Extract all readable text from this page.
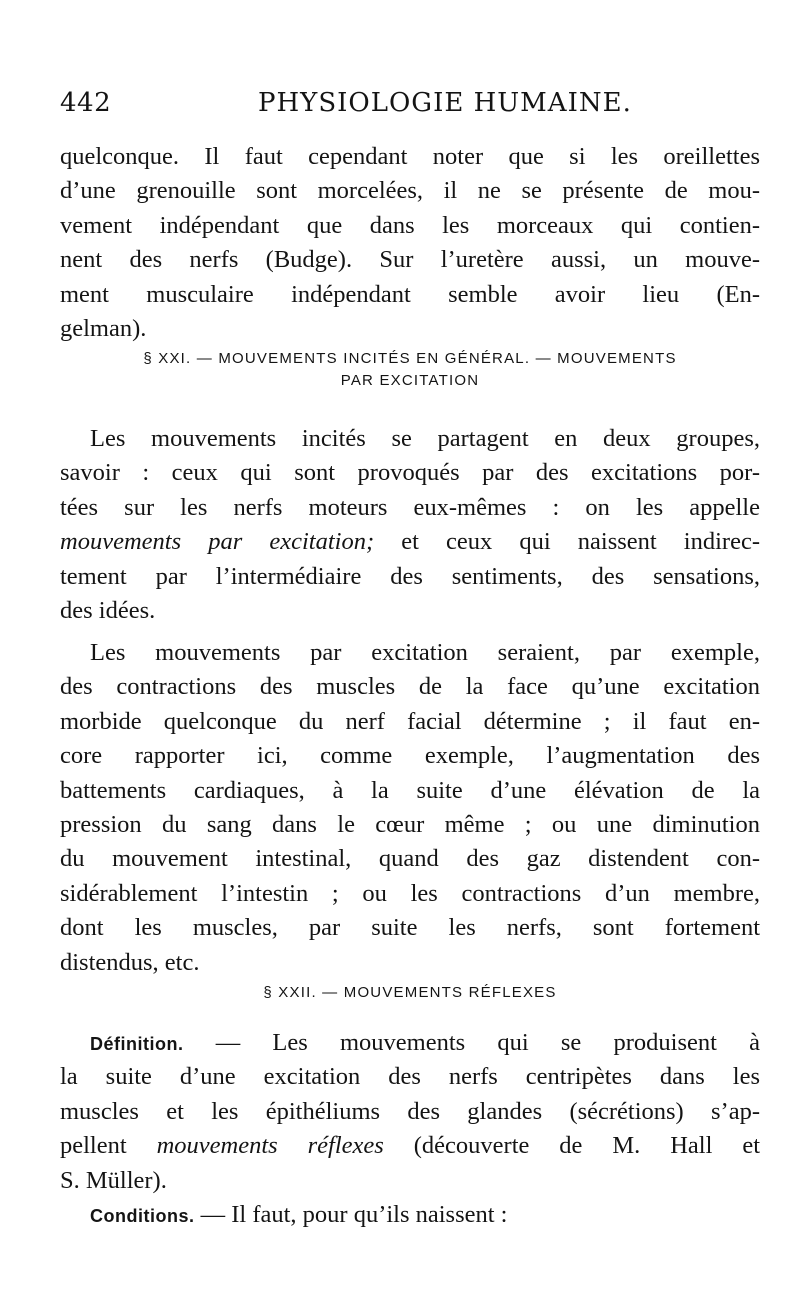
442	PHYSIOLOGIE HUMAINE.
quelconque. Il faut cependant noter que si les oreillettes
d’une grenouille sont morcelées, il ne se présente de mou-
vement indépendant que dans les morceaux qui contien-
nent des nerfs (Budge). Sur l’uretère aussi, un mouve-
ment musculaire indépendant semble avoir lieu (En-
gelman).
§ XXI. — MOUVEMENTS INCITÉS EN GÉNÉRAL. — MOUVEMENTS
PAR EXCITATION
Les mouvements incités se partagent en deux groupes,
savoir : ceux qui sont provoqués par des excitations por-
tées sur les nerfs moteurs eux-mêmes : on les appelle
mouvements par excitation; et ceux qui naissent indirec-
tement par l’intermédiaire des sentiments, des sensations,
des idées.
Les mouvements par excitation seraient, par exemple,
des contractions des muscles de la face qu’une excitation
morbide quelconque du nerf facial détermine ; il faut en-
core rapporter ici, comme exemple, l’augmentation des
battements cardiaques, à la suite d’une élévation de la
pression du sang dans le cœur même ; ou une diminution
du mouvement intestinal, quand des gaz distendent con-
sidérablement l’intestin ; ou les contractions d’un membre,
dont les muscles, par suite les nerfs, sont fortement
distendus, etc.
§ XXII. — MOUVEMENTS RÉFLEXES
Définition. — Les mouvements qui se produisent à
la suite d’une excitation des nerfs centripètes dans les
muscles et les épithéliums des glandes (sécrétions) s’ap-
pellent mouvements réflexes (découverte de M. Hall et
S. Müller).
Conditions. — Il faut, pour qu’ils naissent :
